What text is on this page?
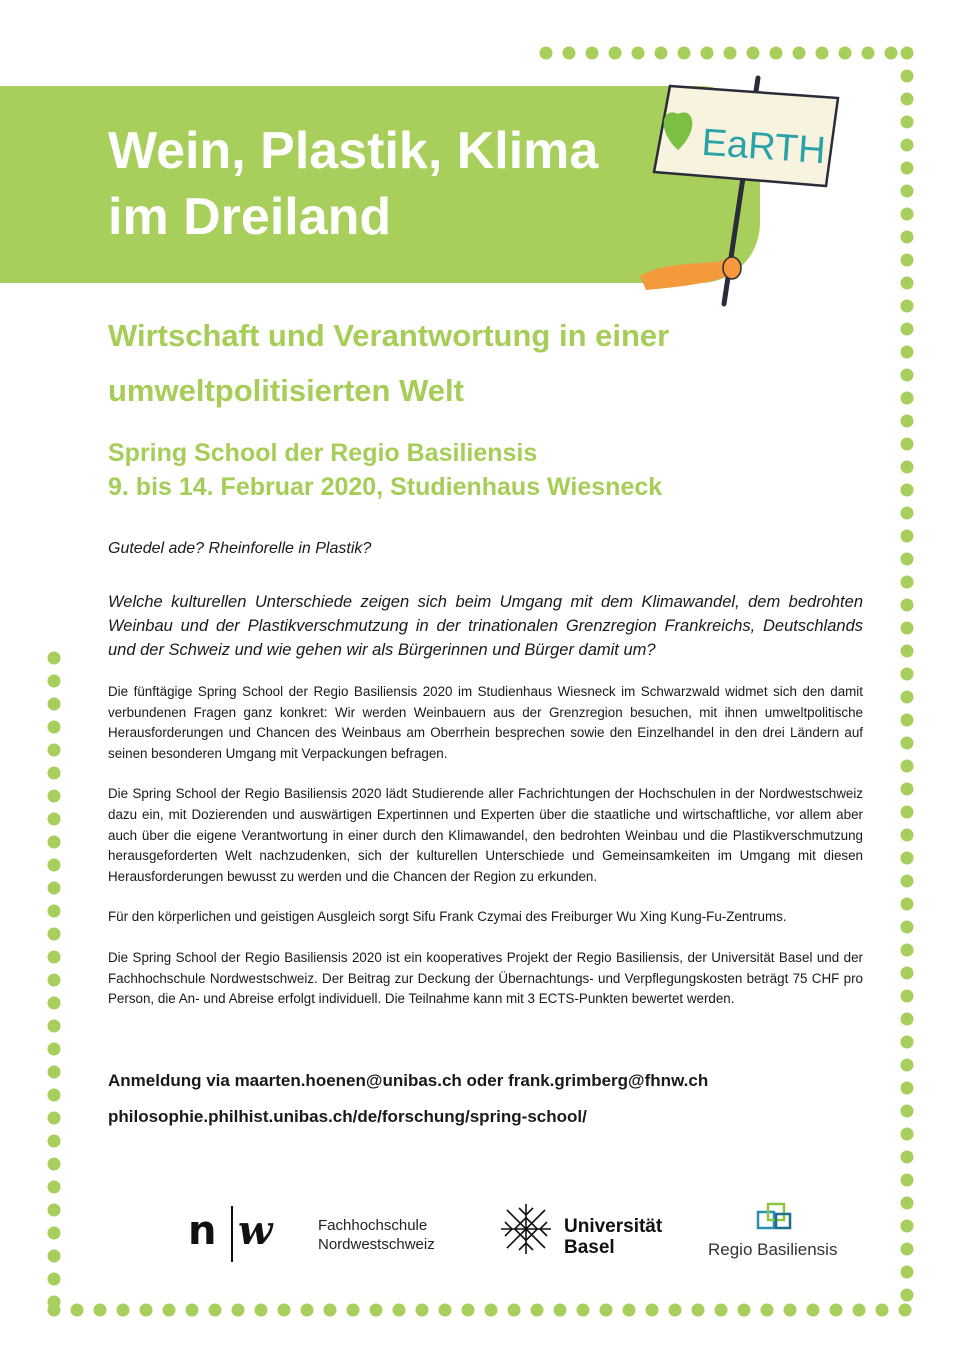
Wein, Plastik, Klima im Dreiland
EaRTH
Wirtschaft und Verantwortung in einer umweltpolitisierten Welt
Spring School der Regio Basiliensis
9. bis 14. Februar 2020, Studienhaus Wiesneck

Gutedel ade? Rheinforelle in Plastik?

Welche kulturellen Unterschiede zeigen sich beim Umgang mit dem Klimawandel, dem bedrohten Weinbau und der Plastikverschmutzung in der trinationalen Grenzregion Frankreichs, Deutschlands und der Schweiz und wie gehen wir als Bürgerinnen und Bürger damit um?

Die fünftägige Spring School der Regio Basiliensis 2020 im Studienhaus Wiesneck im Schwarzwald widmet sich den damit verbundenen Fragen ganz konkret: Wir werden Weinbauern aus der Grenzregion besuchen, mit ihnen umweltpolitische Herausforderungen und Chancen des Weinbaus am Oberrhein besprechen sowie den Einzelhandel in den drei Ländern auf seinen besonderen Umgang mit Verpackungen befragen.

Die Spring School der Regio Basiliensis 2020 lädt Studierende aller Fachrichtungen der Hochschulen in der Nordwestschweiz dazu ein, mit Dozierenden und auswärtigen Expertinnen und Experten über die staatliche und wirtschaftliche, vor allem aber auch über die eigene Verantwortung in einer durch den Klimawandel, den bedrohten Weinbau und die Plastikverschmutzung herausgeforderten Welt nachzudenken, sich der kulturellen Unterschiede und Gemeinsamkeiten im Umgang mit diesen Herausforderungen bewusst zu werden und die Chancen der Region zu erkunden.

Für den körperlichen und geistigen Ausgleich sorgt Sifu Frank Czymai des Freiburger Wu Xing Kung-Fu-Zentrums.

Die Spring School der Regio Basiliensis 2020 ist ein kooperatives Projekt der Regio Basiliensis, der Universität Basel und der Fachhochschule Nordwestschweiz. Der Beitrag zur Deckung der Übernachtungs- und Verpflegungskosten beträgt 75 CHF pro Person, die An- und Abreise erfolgt individuell. Die Teilnahme kann mit 3 ECTS-Punkten bewertet werden.

Anmeldung via maarten.hoenen@unibas.ch oder frank.grimberg@fhnw.ch

philosophie.philhist.unibas.ch/de/forschung/spring-school/

n w	Fachhochschule
Nordwestschweiz
Universität
Basel	Regio Basiliensis
